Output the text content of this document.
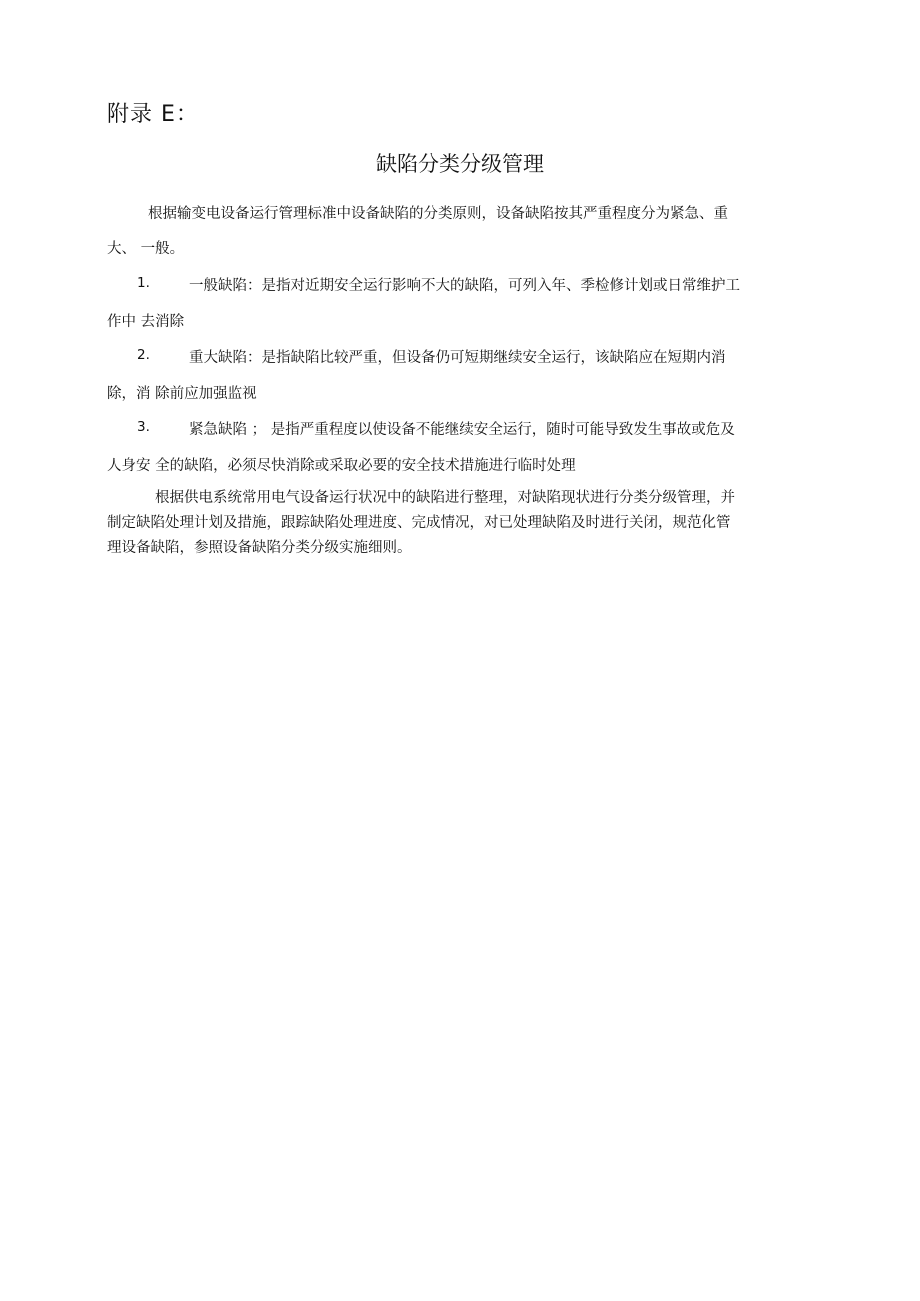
附录 E：
缺陷分类分级管理
根据输变电设备运行管理标准中设备缺陷的分类原则，设备缺陷按其严重程度分为紧急、重
大、 一般。
1.	一般缺陷：是指对近期安全运行影响不大的缺陷，可列入年、季检修计划或日常维护工
作中 去消除
2.	重大缺陷：是指缺陷比较严重，但设备仍可短期继续安全运行，该缺陷应在短期内消
除，消 除前应加强监视
3.	紧急缺陷 ； 是指严重程度以使设备不能继续安全运行，随时可能导致发生事故或危及
人身安 全的缺陷，必须尽快消除或采取必要的安全技术措施进行临时处理
根据供电系统常用电气设备运行状况中的缺陷进行整理，对缺陷现状进行分类分级管理，并
制定缺陷处理计划及措施，跟踪缺陷处理进度、完成情况，对已处理缺陷及时进行关闭，规范化管
理设备缺陷，参照设备缺陷分类分级实施细则。
